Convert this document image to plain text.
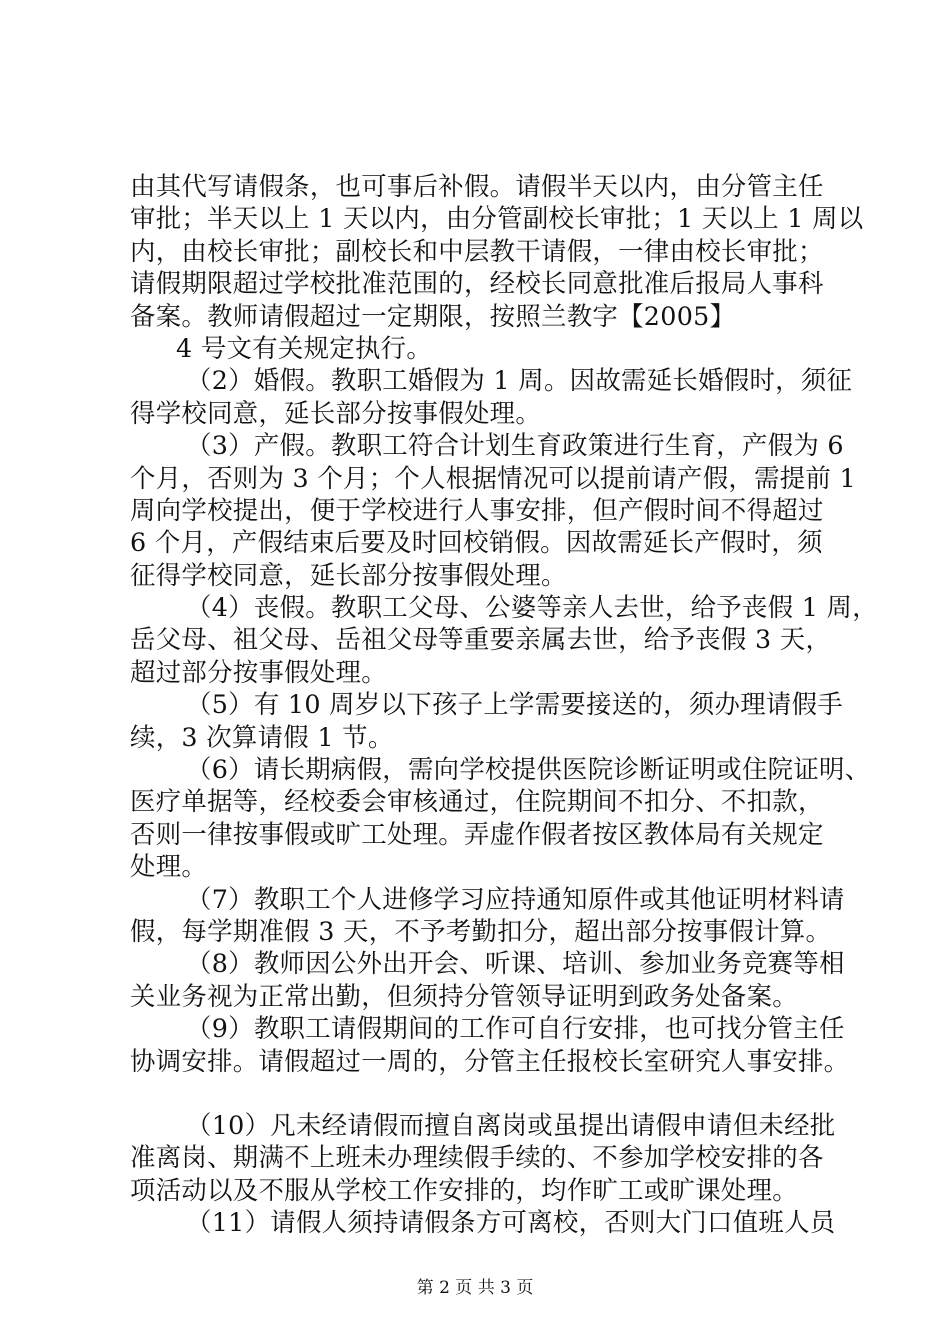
由其代写请假条，也可事后补假。请假半天以内，由分管主任
审批；半天以上 1 天以内，由分管副校长审批；1 天以上 1 周以
内，由校长审批；副校长和中层教干请假，一律由校长审批；
请假期限超过学校批准范围的，经校长同意批准后报局人事科
备案。教师请假超过一定期限，按照兰教字【2005】
4 号文有关规定执行。
（2）婚假。教职工婚假为 1 周。因故需延长婚假时，须征
得学校同意，延长部分按事假处理。
（3）产假。教职工符合计划生育政策进行生育，产假为 6
个月，否则为 3 个月；个人根据情况可以提前请产假，需提前 1
周向学校提出，便于学校进行人事安排，但产假时间不得超过
6 个月，产假结束后要及时回校销假。因故需延长产假时，须
征得学校同意，延长部分按事假处理。
（4）丧假。教职工父母、公婆等亲人去世，给予丧假 1 周，
岳父母、祖父母、岳祖父母等重要亲属去世，给予丧假 3 天，
超过部分按事假处理。
（5）有 10 周岁以下孩子上学需要接送的，须办理请假手
续，3 次算请假 1 节。
（6）请长期病假，需向学校提供医院诊断证明或住院证明、
医疗单据等，经校委会审核通过，住院期间不扣分、不扣款，
否则一律按事假或旷工处理。弄虚作假者按区教体局有关规定
处理。
（7）教职工个人进修学习应持通知原件或其他证明材料请
假，每学期准假 3 天，不予考勤扣分，超出部分按事假计算。
（8）教师因公外出开会、听课、培训、参加业务竞赛等相
关业务视为正常出勤，但须持分管领导证明到政务处备案。
（9）教职工请假期间的工作可自行安排，也可找分管主任
协调安排。请假超过一周的，分管主任报校长室研究人事安排。
（10）凡未经请假而擅自离岗或虽提出请假申请但未经批
准离岗、期满不上班未办理续假手续的、不参加学校安排的各
项活动以及不服从学校工作安排的，均作旷工或旷课处理。
（11）请假人须持请假条方可离校，否则大门口值班人员
第 2 页 共 3 页
